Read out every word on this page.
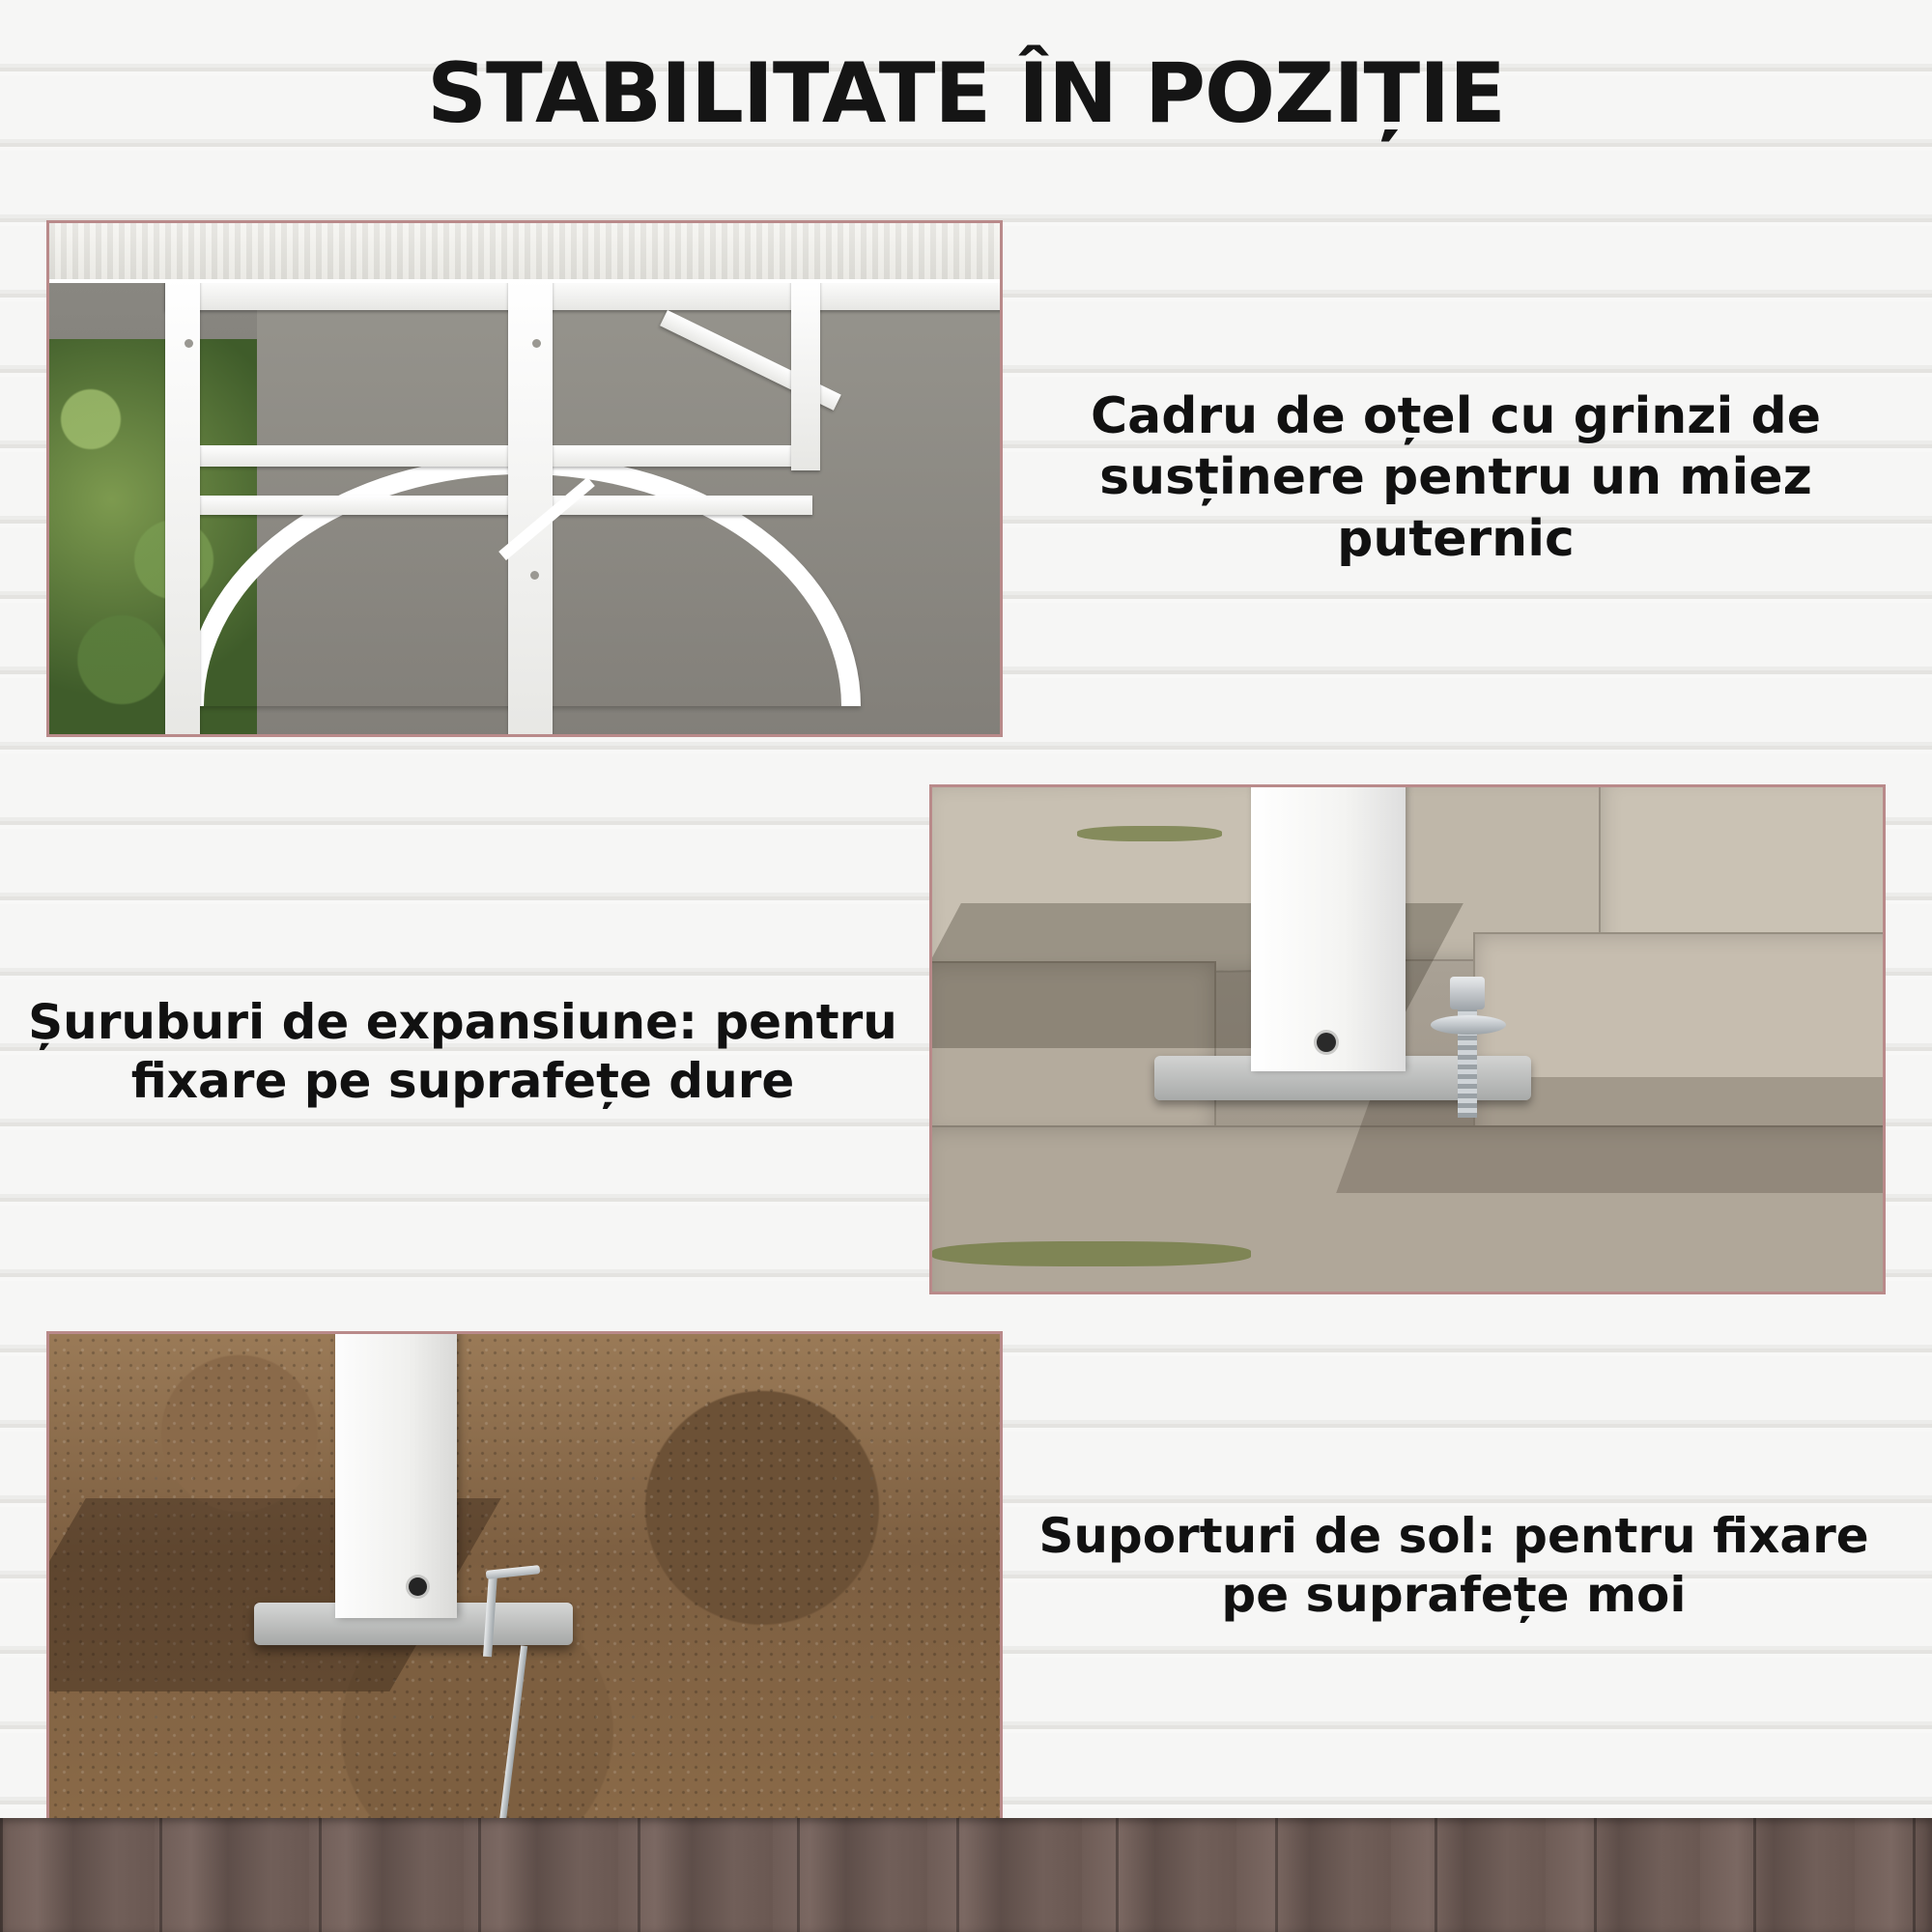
STABILITATE ÎN POZIȚIE
Cadru de oțel cu grinzi de susținere pentru un miez puternic
Șuruburi de expansiune: pentru fixare pe suprafețe dure
Suporturi de sol: pentru fixare pe suprafețe moi
